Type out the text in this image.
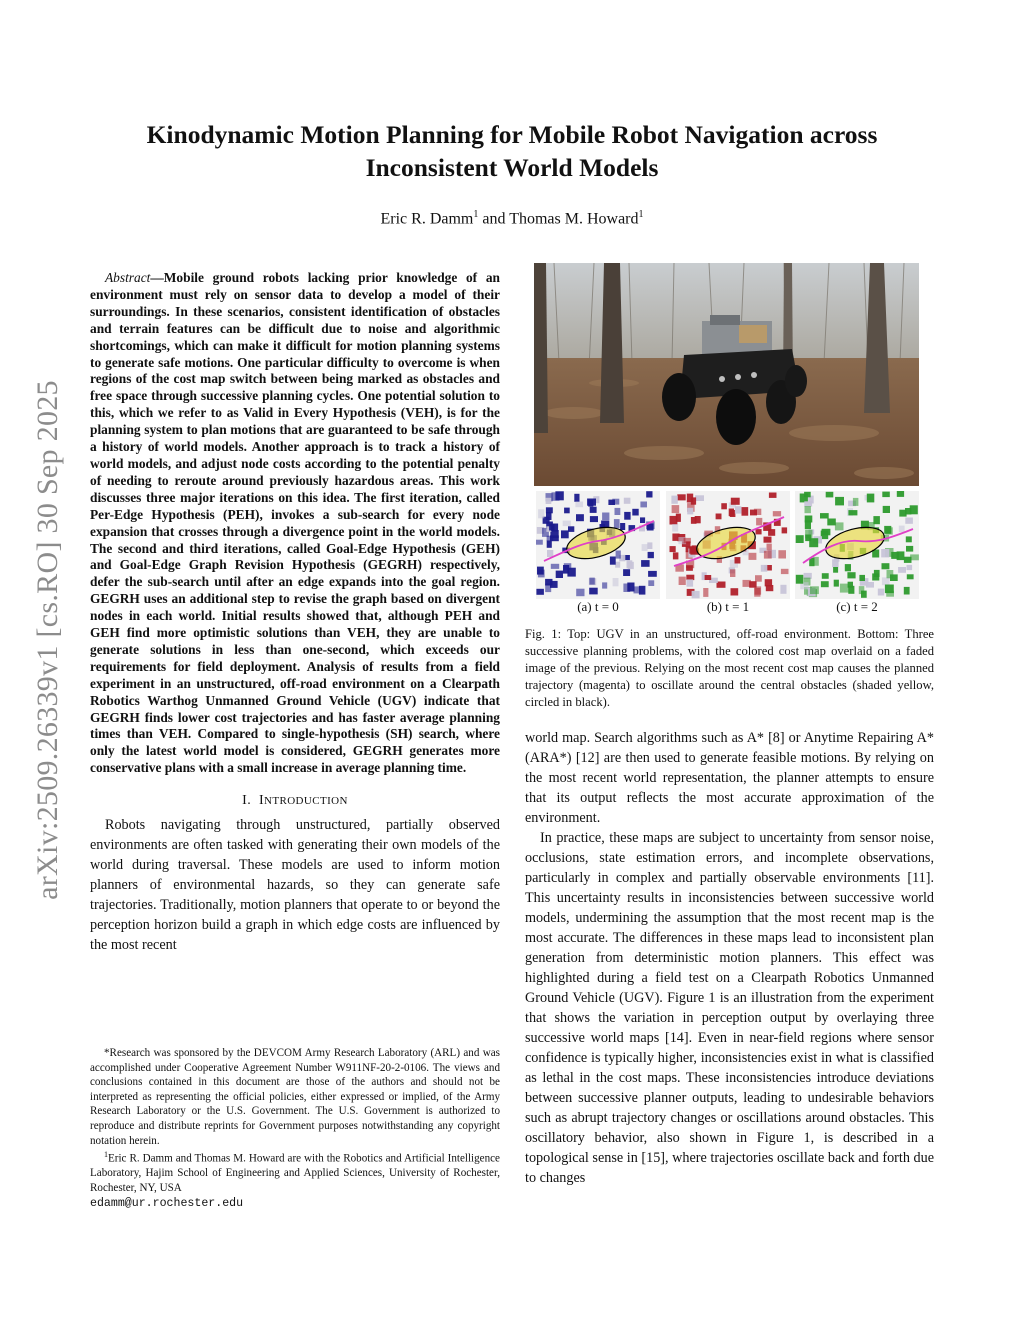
arXiv:2509.26339v1 [cs.RO] 30 Sep 2025
Kinodynamic Motion Planning for Mobile Robot Navigation across
Inconsistent World Models
Eric R. Damm$^1$ and Thomas M. Howard$^1$

Abstract—Mobile ground robots lacking prior knowledge of an environment must rely on sensor data to develop a model of their surroundings. In these scenarios, consistent identification of obstacles and terrain features can be difficult due to noise and algorithmic shortcomings, which can make it difficult for motion planning systems to generate safe motions. One particular difficulty to overcome is when regions of the cost map switch between being marked as obstacles and free space through successive planning cycles. One potential solution to this, which we refer to as Valid in Every Hypothesis (VEH), is for the planning system to plan motions that are guaranteed to be safe through a history of world models. Another approach is to track a history of world models, and adjust node costs according to the potential penalty of needing to reroute around previously hazardous areas. This work discusses three major iterations on this idea. The first iteration, called Per-Edge Hypothesis (PEH), invokes a sub-search for every node expansion that crosses through a divergence point in the world models. The second and third iterations, called Goal-Edge Hypothesis (GEH) and Goal-Edge Graph Revision Hypothesis (GEGRH) respectively, defer the sub-search until after an edge expands into the goal region. GEGRH uses an additional step to revise the graph based on divergent nodes in each world. Initial results showed that, although PEH and GEH find more optimistic solutions than VEH, they are unable to generate solutions in less than one-second, which exceeds our requirements for field deployment. Analysis of results from a field experiment in an unstructured, off-road environment on a Clearpath Robotics Warthog Unmanned Ground Vehicle (UGV) indicate that GEGRH finds lower cost trajectories and has faster average planning times than VEH. Compared to single-hypothesis (SH) search, where only the latest world model is considered, GEGRH generates more conservative plans with a small increase in average planning time.

I. INTRODUCTION

Robots navigating through unstructured, partially observed environments are often tasked with generating their own models of the world during traversal. These models are used to inform motion planners of environmental hazards, so they can generate safe trajectories. Traditionally, motion planners that operate to or beyond the perception horizon build a graph in which edge costs are influenced by the most recent

*Research was sponsored by the DEVCOM Army Research Laboratory (ARL) and was accomplished under Cooperative Agreement Number W911NF-20-2-0106. The views and conclusions contained in this document are those of the authors and should not be interpreted as representing the official policies, either expressed or implied, of the Army Research Laboratory or the U.S. Government. The U.S. Government is authorized to reproduce and distribute reprints for Government purposes notwithstanding any copyright notation herein.

$^1$Eric R. Damm and Thomas M. Howard are with the Robotics and Artificial Intelligence Laboratory, Hajim School of Engineering and Applied Sciences, University of Rochester, Rochester, NY, USA
edamm@ur.rochester.edu

(a) t = 0	(b) t = 1	(c) t = 2

Fig. 1: Top: UGV in an unstructured, off-road environment. Bottom: Three successive planning problems, with the colored cost map overlaid on a faded image of the previous. Relying on the most recent cost map causes the planned trajectory (magenta) to oscillate around the central obstacles (shaded yellow, circled in black).

world map. Search algorithms such as A* [8] or Anytime Repairing A* (ARA*) [12] are then used to generate feasible motions. By relying on the most recent world representation, the planner attempts to ensure that its output reflects the most accurate approximation of the environment.

In practice, these maps are subject to uncertainty from sensor noise, occlusions, state estimation errors, and incomplete observations, particularly in complex and partially observable environments [11]. This uncertainty results in inconsistencies between successive world models, undermining the assumption that the most recent map is the most accurate. The differences in these maps lead to inconsistent plan generation from deterministic motion planners. This effect was highlighted during a field test on a Clearpath Robotics Unmanned Ground Vehicle (UGV). Figure 1 is an illustration from the experiment that shows the variation in perception output by overlaying three successive world maps [14]. Even in near-field regions where sensor confidence is typically higher, inconsistencies exist in what is classified as lethal in the cost maps. These inconsistencies introduce deviations between successive planner outputs, leading to undesirable behaviors such as abrupt trajectory changes or oscillations around obstacles. This oscillatory behavior, also shown in Figure 1, is described in a topological sense in [15], where trajectories oscillate back and forth due to changes
